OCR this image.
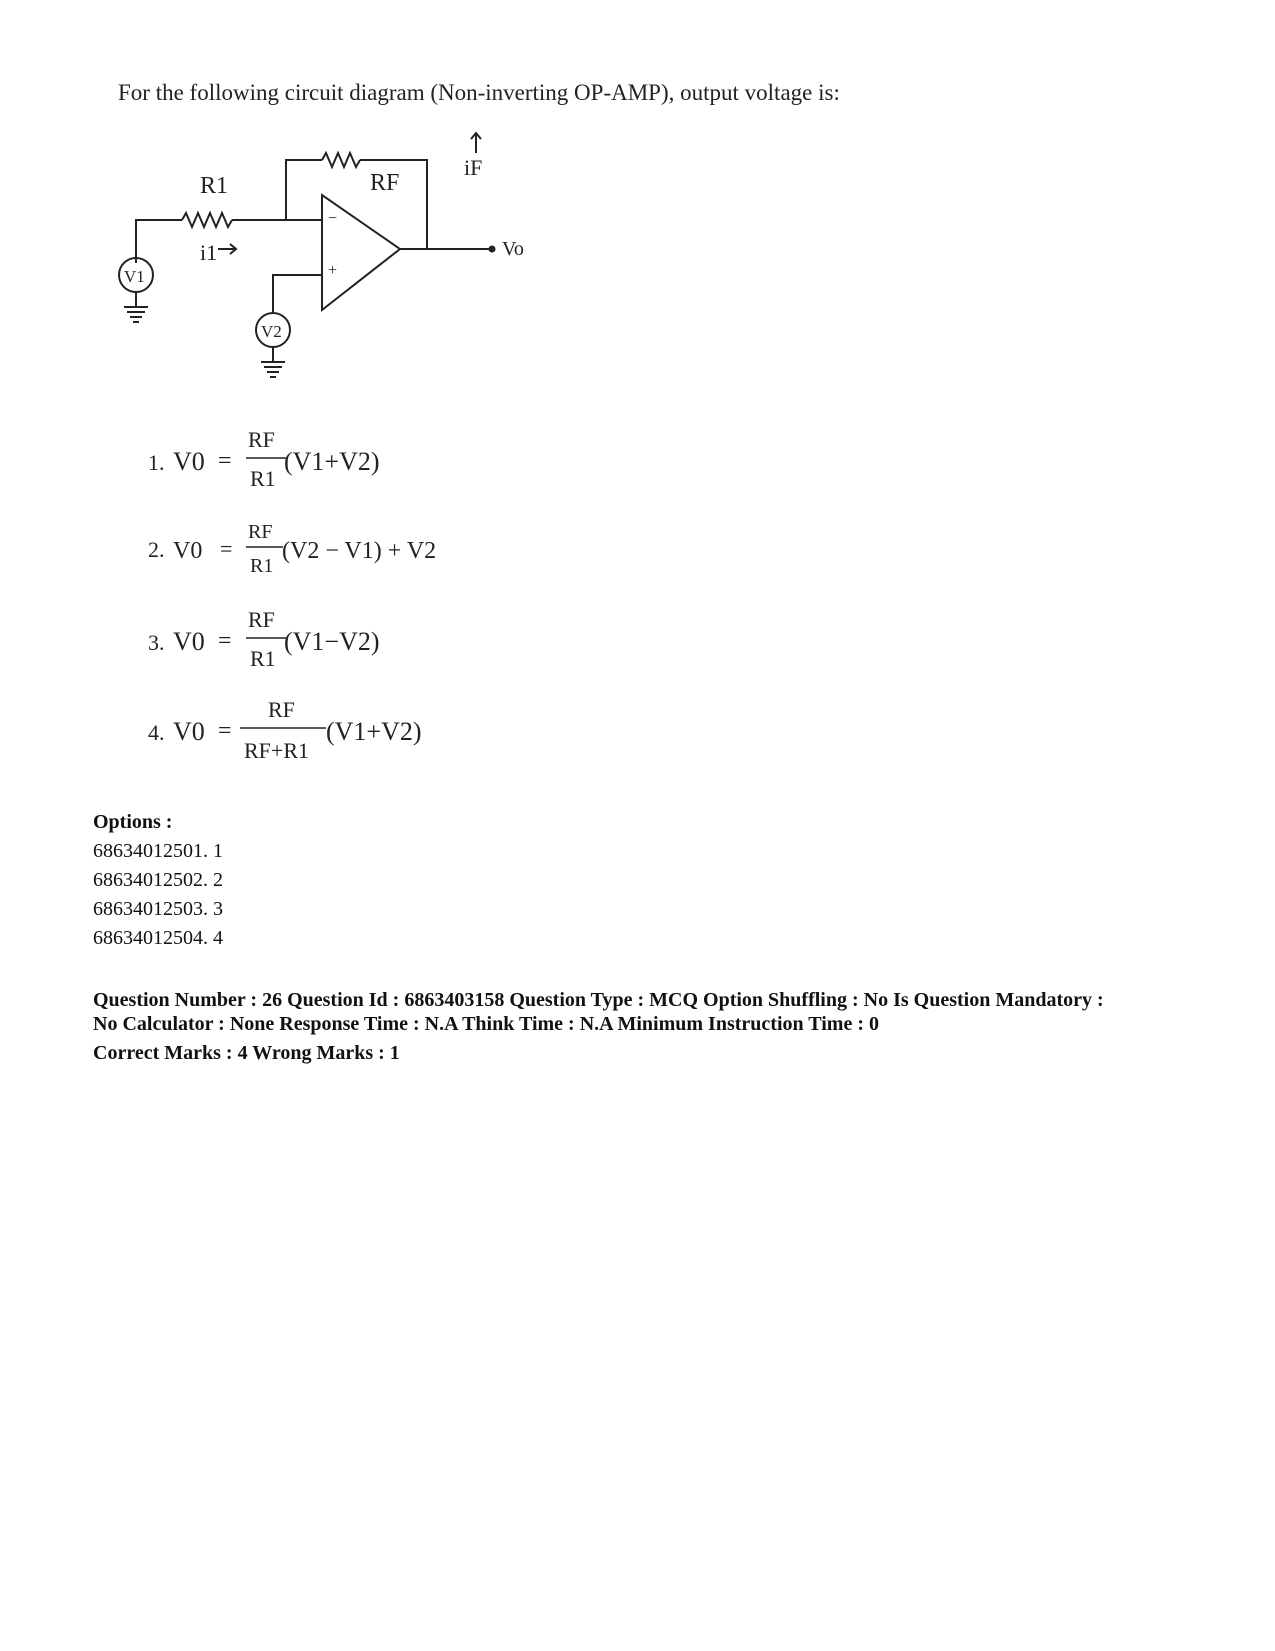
For the following circuit diagram (Non-inverting OP-AMP), output voltage is:
R1	RF
i1
iF
V1
V2
Vo
−
+
1. V0 =
RF
R1
(V1+V2)
2. V0 =
RF
R1
(V2 − V1) + V2
3. V0 =
RF
R1
(V1−V2)
4. V0 =
RF
RF+R1
(V1+V2)
Options :
68634012501. 1
68634012502. 2
68634012503. 3
68634012504. 4
Question Number : 26 Question Id : 6863403158 Question Type : MCQ Option Shuffling : No Is Question Mandatory :
No Calculator : None Response Time : N.A Think Time : N.A Minimum Instruction Time : 0
Correct Marks : 4 Wrong Marks : 1
